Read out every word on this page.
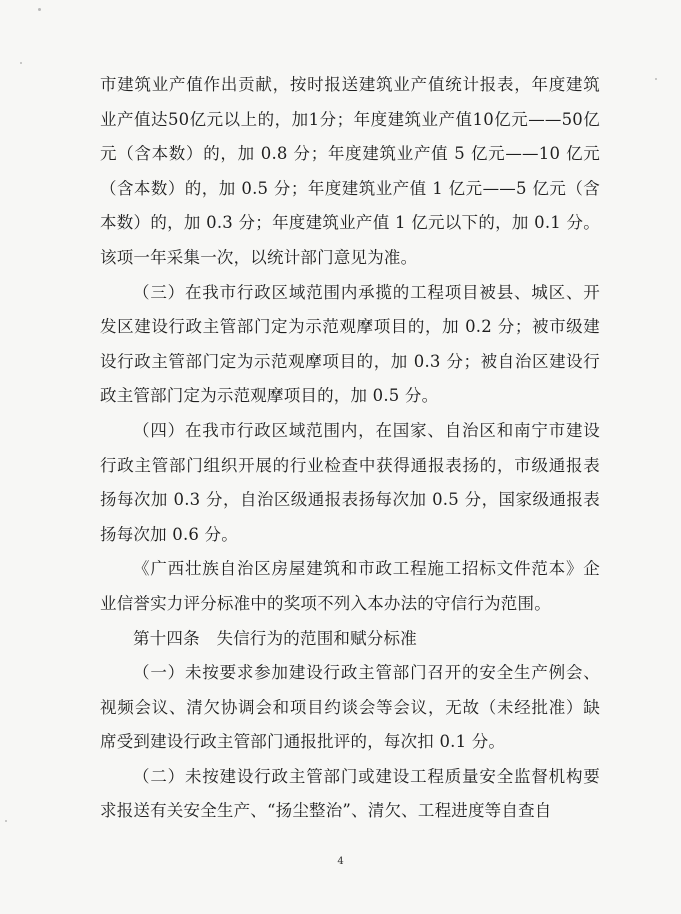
市建筑业产值作出贡献，按时报送建筑业产值统计报表，年度建筑业产值达50亿元以上的，加1分；年度建筑业产值10亿元——50亿元（含本数）的，加 0.8 分；年度建筑业产值 5 亿元——10 亿元（含本数）的，加 0.5 分；年度建筑业产值 1 亿元——5 亿元（含本数）的，加 0.3 分；年度建筑业产值 1 亿元以下的，加 0.1 分。该项一年采集一次，以统计部门意见为准。

（三）在我市行政区域范围内承揽的工程项目被县、城区、开发区建设行政主管部门定为示范观摩项目的，加 0.2 分；被市级建设行政主管部门定为示范观摩项目的，加 0.3 分；被自治区建设行政主管部门定为示范观摩项目的，加 0.5 分。

（四）在我市行政区域范围内，在国家、自治区和南宁市建设行政主管部门组织开展的行业检查中获得通报表扬的，市级通报表扬每次加 0.3 分，自治区级通报表扬每次加 0.5 分，国家级通报表扬每次加 0.6 分。

《广西壮族自治区房屋建筑和市政工程施工招标文件范本》企业信誉实力评分标准中的奖项不列入本办法的守信行为范围。

第十四条　失信行为的范围和赋分标准

（一）未按要求参加建设行政主管部门召开的安全生产例会、视频会议、清欠协调会和项目约谈会等会议，无故（未经批准）缺席受到建设行政主管部门通报批评的，每次扣 0.1 分。

（二）未按建设行政主管部门或建设工程质量安全监督机构要求报送有关安全生产、“扬尘整治”、清欠、工程进度等自查自

4
